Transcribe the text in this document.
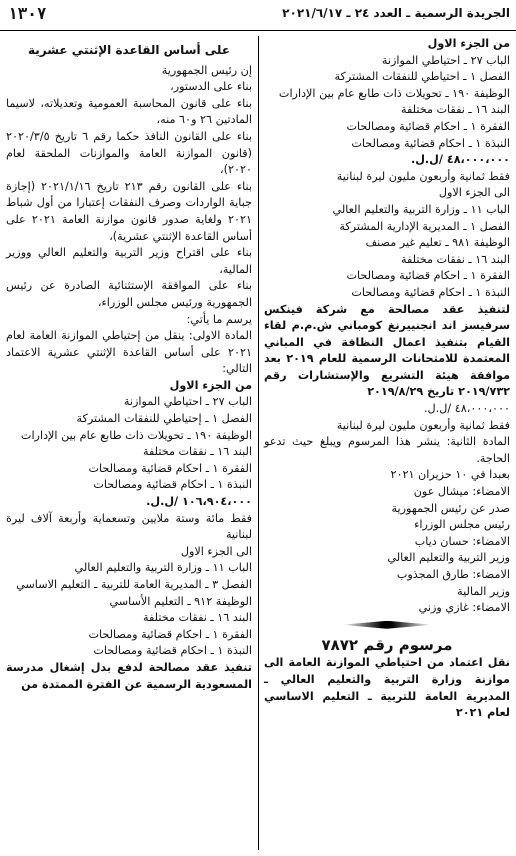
الجريدة الرسمية ـ العدد ٢٤ ـ ٢٠٢١/٦/١٧
١٣٠٧

من الجزء الاول

الباب ٢٧ ـ احتياطي الموازنة

الفصل ١ ـ احتياطي للنفقات المشتركة

الوظيفة ١٩٠ ـ تحويلات ذات طابع عام بين الإدارات

البند ١٦ ـ نفقات مختلفة

الفقرة ١ ـ احكام قضائية ومصالحات

النبذة ١ ـ احكام قضائية ومصالحات

٤٨،٠٠٠،٠٠٠ /ل.ل.

فقط ثمانية وأربعون مليون ليرة لبنانية

الى الجزء الاول

الباب ١١ ـ وزارة التربية والتعليم العالي

الفصل ١ ـ المديرية الإدارية المشتركة

الوظيفة ٩٨١ ـ تعليم غير مصنف

البند ١٦ ـ نفقات مختلفة

الفقرة ١ ـ احكام قضائية ومصالحات

النبذة ١ ـ احكام قضائية ومصالحات

لتنفيذ عقد مصالحة مع شركة فينكس سرفيسز اند انجنييرنغ كومباني ش.م.م لقاء القيام بتنفيذ اعمال النظافة في المباني المعتمدة للامتحانات الرسمية للعام ٢٠١٩ بعد موافقة هيئة التشريع والإستشارات رقم ٢٠١٩/٧٣٢ تاريخ ٢٠١٩/٨/٢٩

٤٨،٠٠٠،٠٠٠ /ل.ل.

فقط ثمانية وأربعون مليون ليرة لبنانية

المادة الثانية: ينشر هذا المرسوم ويبلغ حيث تدعو الحاجة.

بعبدا في ١٠ حزيران ٢٠٢١

الامضاء: ميشال عون

صدر عن رئيس الجمهورية

رئيس مجلس الوزراء

الامضاء: حسان دياب

وزير التربية والتعليم العالي

الامضاء: طارق المجذوب

وزير المالية

الامضاء: غازي وزني

مرسوم رقم ٧٨٧٢

نقل اعتماد من احتياطي الموازنة العامة الى موازنة وزارة التربية والتعليم العالي ـ المديرية العامة للتربية ـ التعليم الاساسي لعام ٢٠٢١

على أساس القاعدة الإثنتي عشرية

إن رئيس الجمهورية

بناء على الدستور،

بناء على قانون المحاسبة العمومية وتعديلاته، لاسيما المادتين ٢٦ و٦٠ منه،

بناء على القانون النافذ حكما رقم ٦ تاريخ ٢٠٢٠/٣/٥ (قانون الموازنة العامة والموازنات الملحقة لعام ٢٠٢٠)،

بناء على القانون رقم ٢١٣ تاريخ ٢٠٢١/١/١٦ (إجازة جباية الواردات وصرف النفقات إعتبارا من أول شباط ٢٠٢١ ولغاية صدور قانون موازنة العامة ٢٠٢١ على أساس القاعدة الإثنتي عشرية)،

بناء على اقتراح وزير التربية والتعليم العالي ووزير المالية،

بناء على الموافقة الإستثنائية الصادرة عن رئيس الجمهورية ورئيس مجلس الوزراء،

يرسم ما يأتي:

المادة الاولى: ينقل من إحتياطي الموازنة العامة لعام ٢٠٢١ على أساس القاعدة الإثنتي عشرية الاعتماد التالي:

من الجزء الاول

الباب ٢٧ ـ احتياطي الموازنة

الفصل ١ ـ إحتياطي للنفقات المشتركة

الوظيفة ١٩٠ ـ تحويلات ذات طابع عام بين الإدارات

البند ١٦ ـ نفقات مختلفة

الفقرة ١ ـ احكام قضائية ومصالحات

النبذة ١ ـ احكام قضائية ومصالحات

١٠٦،٩٠٤،٠٠٠ /ل.ل.

فقط مائة وستة ملايين وتسعماية وأربعة آلاف ليرة لبنانية

الى الجزء الاول

الباب ١١ ـ وزارة التربية والتعليم العالي

الفصل ٣ ـ المديرية العامة للتربية ـ التعليم الاساسي

الوظيفة ٩١٢ ـ التعليم الأساسي

البند ١٦ ـ نفقات مختلفة

الفقرة ١ ـ احكام قضائية ومصالحات

النبذة ١ ـ احكام قضائية ومصالحات

تنفيذ عقد مصالحة لدفع بدل إشغال مدرسة المسعودية الرسمية عن الفترة الممتدة من
